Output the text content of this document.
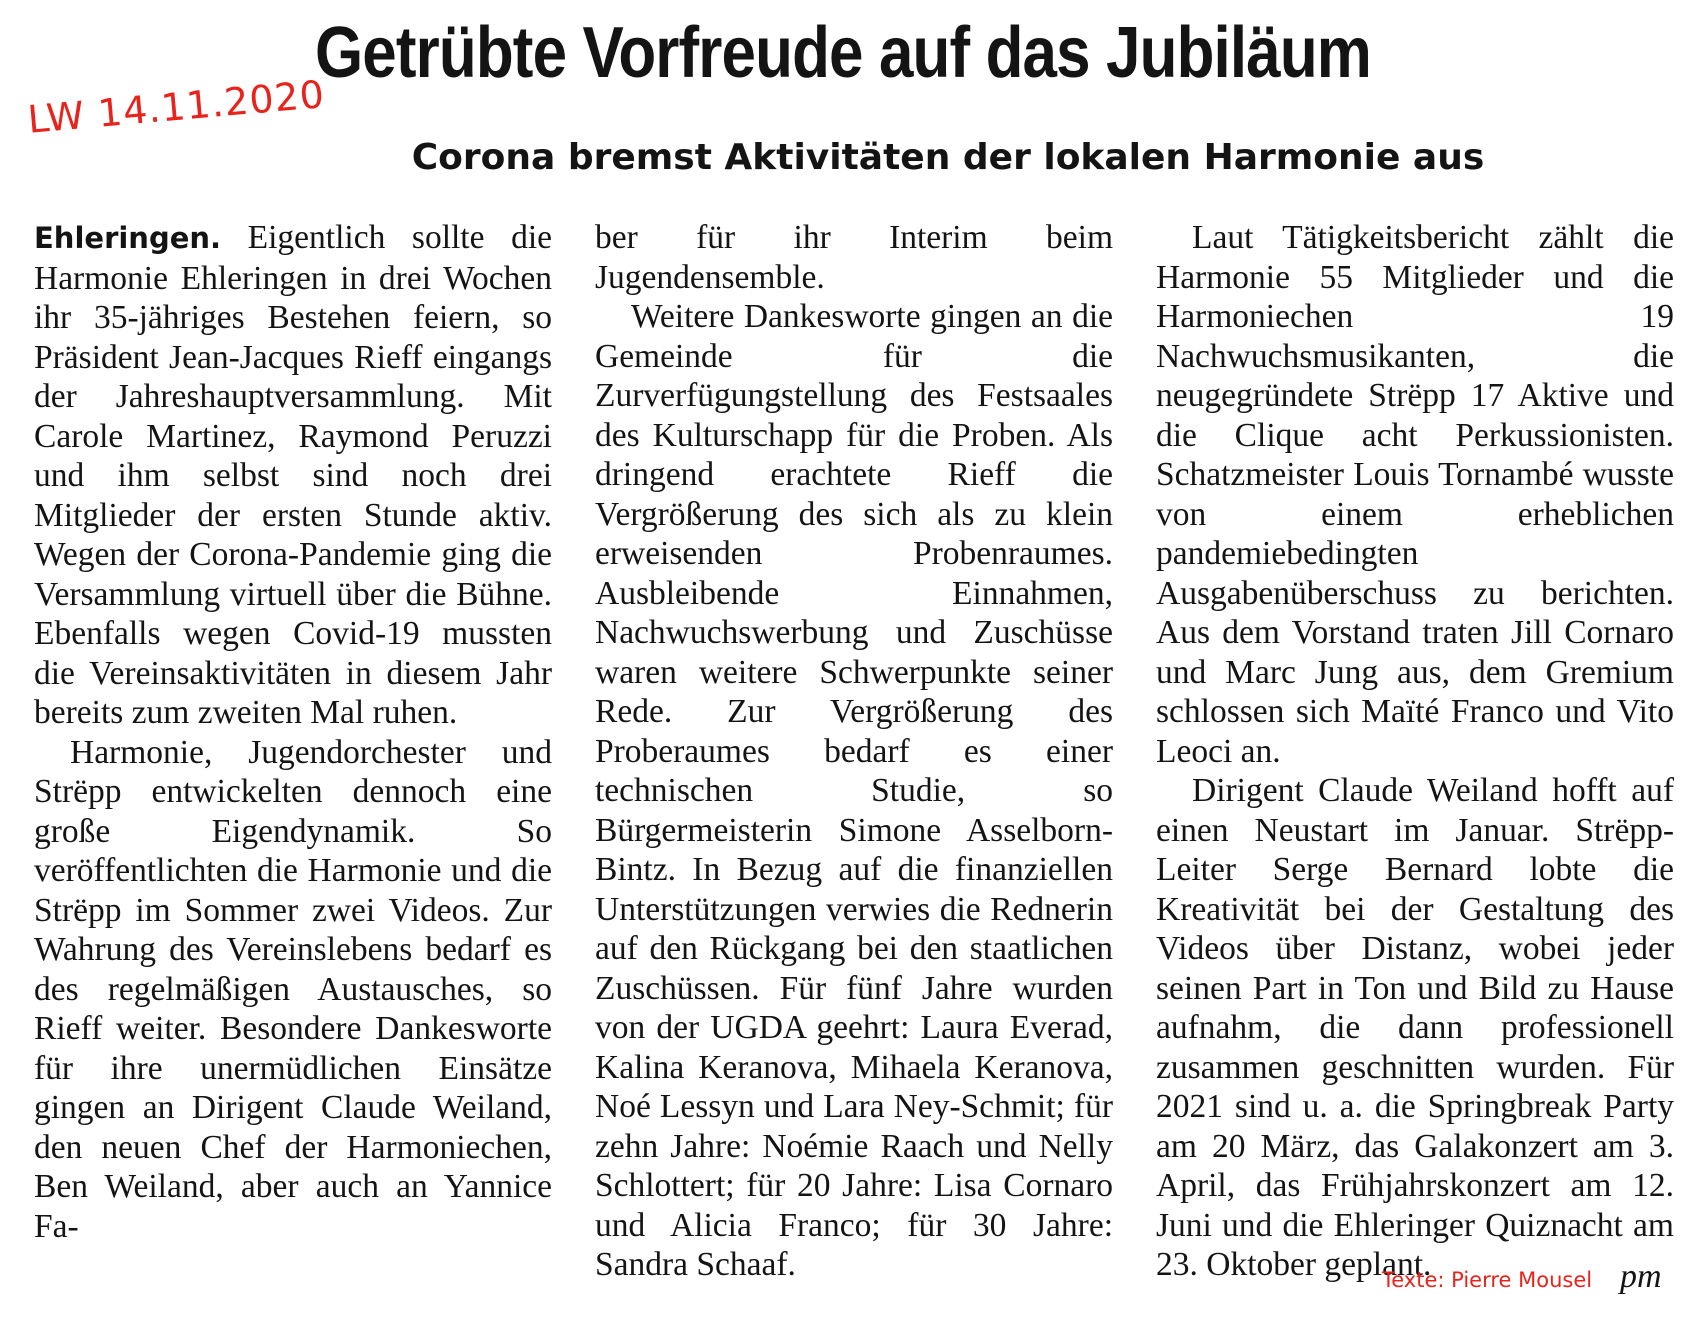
Getrübte Vorfreude auf das Jubiläum
LW 14.11.2020
Corona bremst Aktivitäten der lokalen Harmonie aus

Ehleringen. Eigentlich sollte die Harmonie Ehleringen in drei Wochen ihr 35-jähriges Bestehen feiern, so Präsident Jean-Jacques Rieff eingangs der Jahreshauptversammlung. Mit Carole Martinez, Raymond Peruzzi und ihm selbst sind noch drei Mitglieder der ersten Stunde aktiv. Wegen der Corona-Pandemie ging die Versammlung virtuell über die Bühne. Ebenfalls wegen Covid-19 mussten die Vereinsaktivitäten in diesem Jahr bereits zum zweiten Mal ruhen.

Harmonie, Jugendorchester und Strëpp entwickelten dennoch eine große Eigendynamik. So veröffentlichten die Harmonie und die Strëpp im Sommer zwei Videos. Zur Wahrung des Vereinslebens bedarf es des regelmäßigen Austausches, so Rieff weiter. Besondere Dankesworte für ihre unermüdlichen Einsätze gingen an Dirigent Claude Weiland, den neuen Chef der Harmoniechen, Ben Weiland, aber auch an Yannice Fa-

ber für ihr Interim beim Jugendensemble.

Weitere Dankesworte gingen an die Gemeinde für die Zurverfügungstellung des Festsaales des Kulturschapp für die Proben. Als dringend erachtete Rieff die Vergrößerung des sich als zu klein erweisenden Probenraumes. Ausbleibende Einnahmen, Nachwuchswerbung und Zuschüsse waren weitere Schwerpunkte seiner Rede. Zur Vergrößerung des Proberaumes bedarf es einer technischen Studie, so Bürgermeisterin Simone Asselborn-Bintz. In Bezug auf die finanziellen Unterstützungen verwies die Rednerin auf den Rückgang bei den staatlichen Zuschüssen. Für fünf Jahre wurden von der UGDA geehrt: Laura Everad, Kalina Keranova, Mihaela Keranova, Noé Lessyn und Lara Ney-Schmit; für zehn Jahre: Noémie Raach und Nelly Schlottert; für 20 Jahre: Lisa Cornaro und Alicia Franco; für 30 Jahre: Sandra Schaaf.

Laut Tätigkeitsbericht zählt die Harmonie 55 Mitglieder und die Harmoniechen 19 Nachwuchsmusikanten, die neugegründete Strëpp 17 Aktive und die Clique acht Perkussionisten. Schatzmeister Louis Tornambé wusste von einem erheblichen pandemiebedingten Ausgabenüberschuss zu berichten. Aus dem Vorstand traten Jill Cornaro und Marc Jung aus, dem Gremium schlossen sich Maïté Franco und Vito Leoci an.

Dirigent Claude Weiland hofft auf einen Neustart im Januar. Strëpp-Leiter Serge Bernard lobte die Kreativität bei der Gestaltung des Videos über Distanz, wobei jeder seinen Part in Ton und Bild zu Hause aufnahm, die dann professionell zusammen geschnitten wurden. Für 2021 sind u. a. die Springbreak Party am 20 März, das Galakonzert am 3. April, das Frühjahrskonzert am 12. Juni und die Ehleringer Quiznacht am 23. Oktober geplant.

Texte: Pierre Mousel pm
